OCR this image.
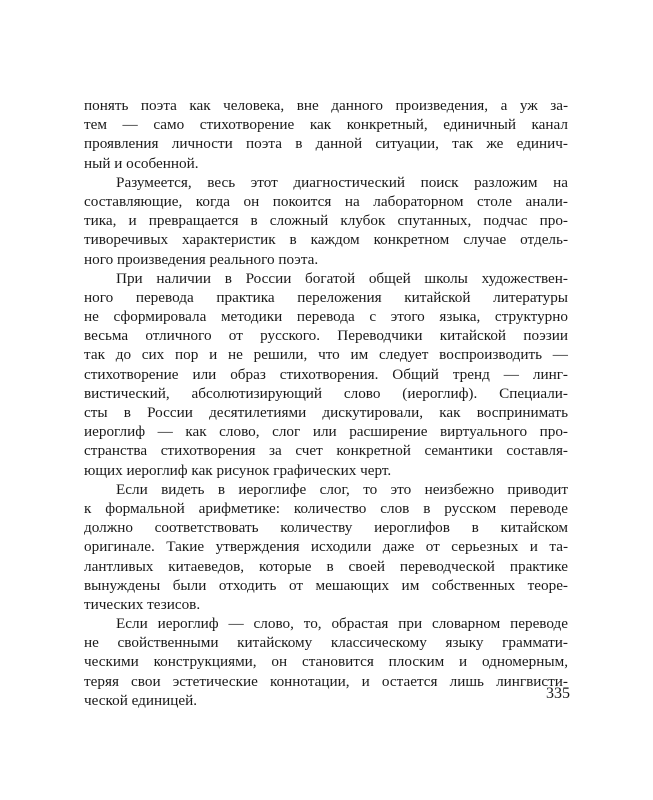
понять поэта как человека, вне данного произведения, а уж за-
тем — само стихотворение как конкретный, единичный канал
проявления личности поэта в данной ситуации, так же единич-
ный и особенной.
Разумеется, весь этот диагностический поиск разложим на
составляющие, когда он покоится на лабораторном столе анали-
тика, и превращается в сложный клубок спутанных, подчас про-
тиворечивых характеристик в каждом конкретном случае отдель-
ного произведения реального поэта.
При наличии в России богатой общей школы художествен-
ного перевода практика переложения китайской литературы
не сформировала методики перевода с этого языка, структурно
весьма отличного от русского. Переводчики китайской поэзии
так до сих пор и не решили, что им следует воспроизводить —
стихотворение или образ стихотворения. Общий тренд — линг-
вистический, абсолютизирующий слово (иероглиф). Специали-
сты в России десятилетиями дискутировали, как воспринимать
иероглиф — как слово, слог или расширение виртуального про-
странства стихотворения за счет конкретной семантики составля-
ющих иероглиф как рисунок графических черт.
Если видеть в иероглифе слог, то это неизбежно приводит
к формальной арифметике: количество слов в русском переводе
должно соответствовать количеству иероглифов в китайском
оригинале. Такие утверждения исходили даже от серьезных и та-
лантливых китаеведов, которые в своей переводческой практике
вынуждены были отходить от мешающих им собственных теоре-
тических тезисов.
Если иероглиф — слово, то, обрастая при словарном переводе
не свойственными китайскому классическому языку граммати-
ческими конструкциями, он становится плоским и одномерным,
теряя свои эстетические коннотации, и остается лишь лингвисти-
ческой единицей.	335
